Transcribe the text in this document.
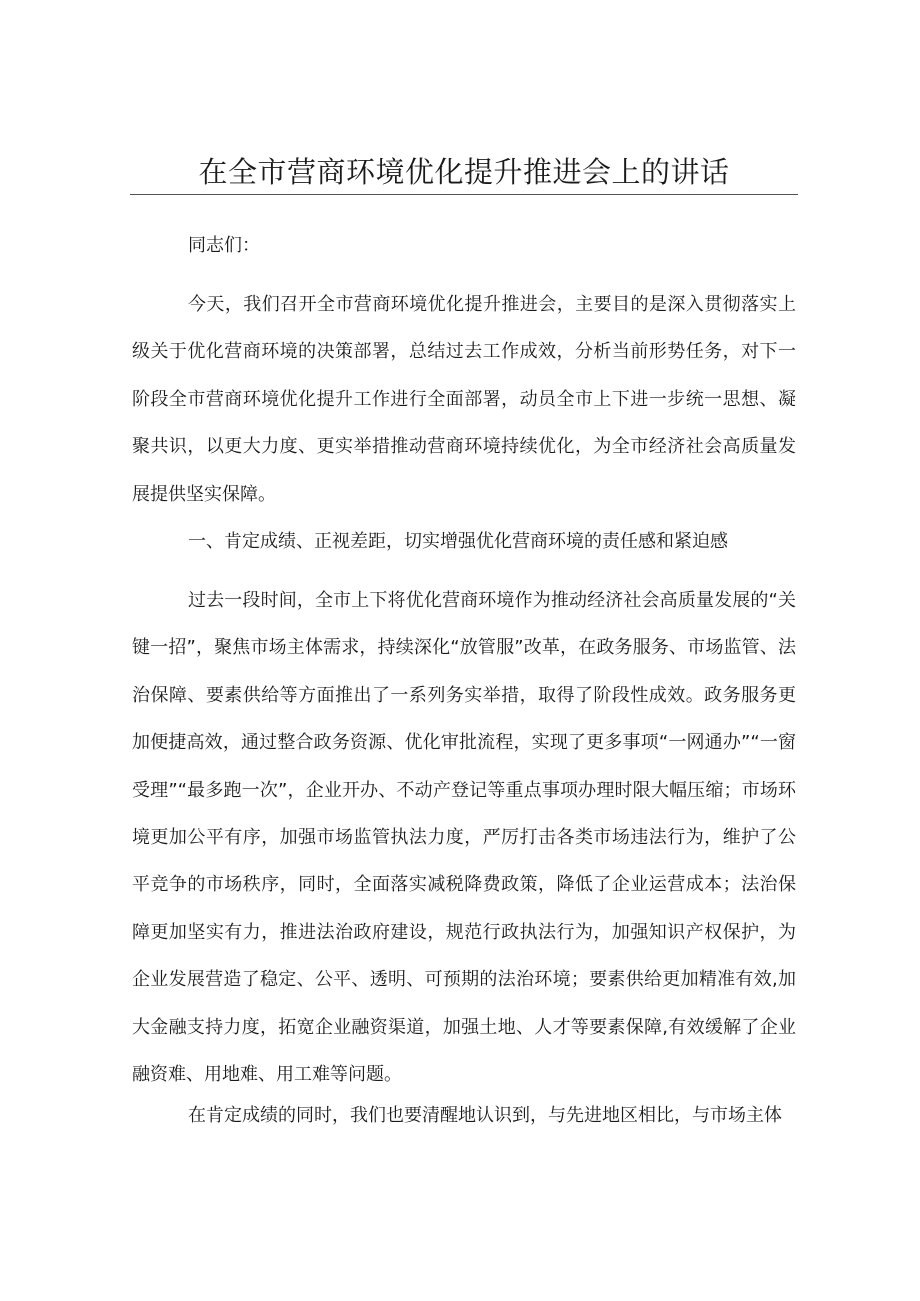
在全市营商环境优化提升推进会上的讲话

同志们：

今天，我们召开全市营商环境优化提升推进会，主要目的是深入贯彻落实上级关于优化营商环境的决策部署，总结过去工作成效，分析当前形势任务，对下一阶段全市营商环境优化提升工作进行全面部署，动员全市上下进一步统一思想、凝聚共识，以更大力度、更实举措推动营商环境持续优化，为全市经济社会高质量发展提供坚实保障。

一、肯定成绩、正视差距，切实增强优化营商环境的责任感和紧迫感

过去一段时间，全市上下将优化营商环境作为推动经济社会高质量发展的“关键一招”，聚焦市场主体需求，持续深化“放管服”改革，在政务服务、市场监管、法治保障、要素供给等方面推出了一系列务实举措，取得了阶段性成效。政务服务更加便捷高效，通过整合政务资源、优化审批流程，实现了更多事项“一网通办”“一窗受理”“最多跑一次”，企业开办、不动产登记等重点事项办理时限大幅压缩；市场环境更加公平有序，加强市场监管执法力度，严厉打击各类市场违法行为，维护了公平竞争的市场秩序，同时，全面落实减税降费政策，降低了企业运营成本；法治保障更加坚实有力，推进法治政府建设，规范行政执法行为，加强知识产权保护，为企业发展营造了稳定、公平、透明、可预期的法治环境；要素供给更加精准有效,加大金融支持力度，拓宽企业融资渠道，加强土地、人才等要素保障,有效缓解了企业融资难、用地难、用工难等问题。

在肯定成绩的同时，我们也要清醒地认识到，与先进地区相比，与市场主体
